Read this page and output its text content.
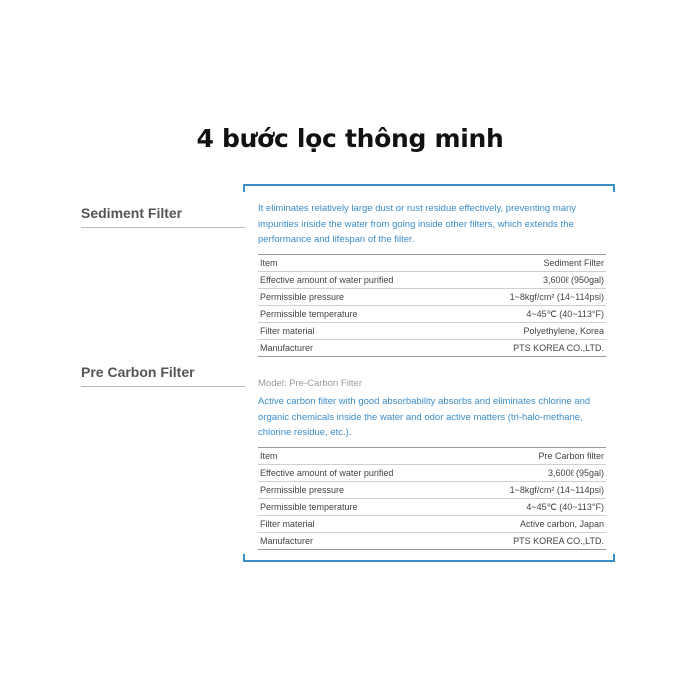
4 bước lọc thông minh
Sediment Filter	It eliminates relatively large dust or rust residue effectively, preventing many impurities inside the water from going inside other filters, which extends the performance and lifespan of the filter.
Item	Sediment Filter
Effective amount of water purified	3,600ℓ (950gal)
Permissible pressure	1~8kgf/cm² (14~114psi)
Permissible temperature	4~45℃ (40~113°F)
Filter material	Polyethylene, Korea
Manufacturer	PTS KOREA CO.,LTD.
Pre Carbon Filter
Model: Pre-Carbon Filter
Active carbon filter with good absorbability absorbs and eliminates chlorine and organic chemicals inside the water and odor active matters (tri-halo-methane, chlorine residue, etc.).
Item	Pre Carbon filter
Effective amount of water purified	3,600ℓ (95gal)
Permissible pressure	1~8kgf/cm² (14~114psi)
Permissible temperature	4~45℃ (40~113°F)
Filter material	Active carbon, Japan
Manufacturer	PTS KOREA CO.,LTD.
